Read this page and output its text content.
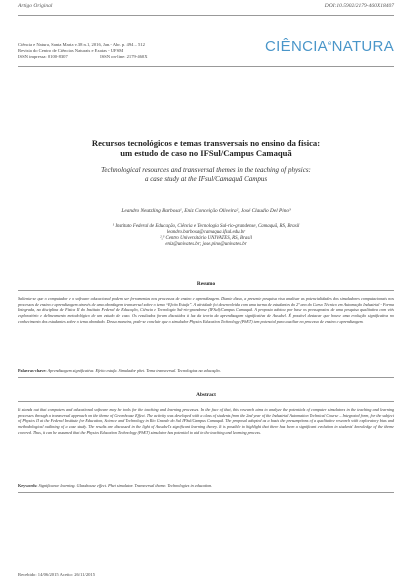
Artigo Original	DOI:10.5902/2179-460X18407
Ciência e Natura, Santa Maria v.38 n.1, 2016, Jan.- Abr. p. 494 – 512
Revista do Centro de Ciências Naturais e Exatas - UFSM
ISSN impressa: 0100-8307	ISSN on-line: 2179-460X
CIÊNCIA$^e$NATURA
Recursos tecnológicos e temas transversais no ensino da física:
um estudo de caso no IFSul/Campus Camaquã
Technological resources and transversal themes in the teaching of physics:
a case study at the IFsul/Camaquã Campus
Leandro Neutzling Barbosa¹, Eniz Conceição Oliveira², José Claudio Del Pino³
¹ Instituto Federal de Educação, Ciência e Tecnologia Sul-rio-grandense, Camaquã, RS, Brasil
leandro.barbosa@camaqua.ifsul.edu.br
²,³ Centro Universitário UNIVATES, RS, Brasil
eniz@univates.br; jose.pino@univates.br
Resumo
Salienta-se que o computador e o software educacional podem ser ferramentas nos processos de ensino e aprendizagem. Diante disso, a presente pesquisa visa analisar as potencialidades dos simuladores computacionais nos processos de ensino e aprendizagem através de uma abordagem transversal sobre o tema “Efeito Estufa”. A atividade foi desenvolvida com uma turma de estudantes do 2º ano do Curso Técnico em Automação Industrial - Forma Integrada, na disciplina de Física II do Instituto Federal de Educação, Ciência e Tecnologia Sul-rio-grandense (IFSul)/Campus Camaquã. A proposta adotou por base os pressupostos de uma pesquisa qualitativa com viés exploratório e delineamento metodológico de um estudo de caso. Os resultados foram discutidos à luz da teoria da aprendizagem significativa de Ausubel. É possível destacar que houve uma evolução significativa no conhecimento dos estudantes sobre o tema abordado. Dessa maneira, pode-se concluir que o simulador Physics Education Technology (PhET) tem potencial para auxiliar no processo de ensino e aprendizagem.
Palavras-chave: Aprendizagem significativa. Efeito estufa. Simulador phet. Tema transversal. Tecnologias na educação.
Abstract
It stands out that computers and educational software may be tools for the teaching and learning processes. In the face of that, this research aims to analyze the potentials of computer simulators in the teaching and learning processes through a transversal approach on the theme of Greenhouse Effect. The activity was developed with a class of students from the 2nd year of the Industrial Automation Technical Course – Integrated form, for the subject of Physics II at the Federal Institute for Education, Science and Technology in Rio Grande do Sul IFSul/Campus Camaquã. The proposal adopted as a basis the presumptions of a qualitative research with exploratory bias and methodological outlining of a case study. The results are discussed in the light of Ausubel's significant learning theory. It is possible to highlight that there has been a significant evolution in students' knowledge of the theme covered. Thus, it can be assumed that the Physics Education Technology (PhET) simulator has potential to aid in the teaching and learning process.
Keywords: Significance learning. Glasshouse effect. Phet simulator. Transversal theme. Technologies in education.
Recebido: 14/06/2015 Aceito: 26/11/2015
